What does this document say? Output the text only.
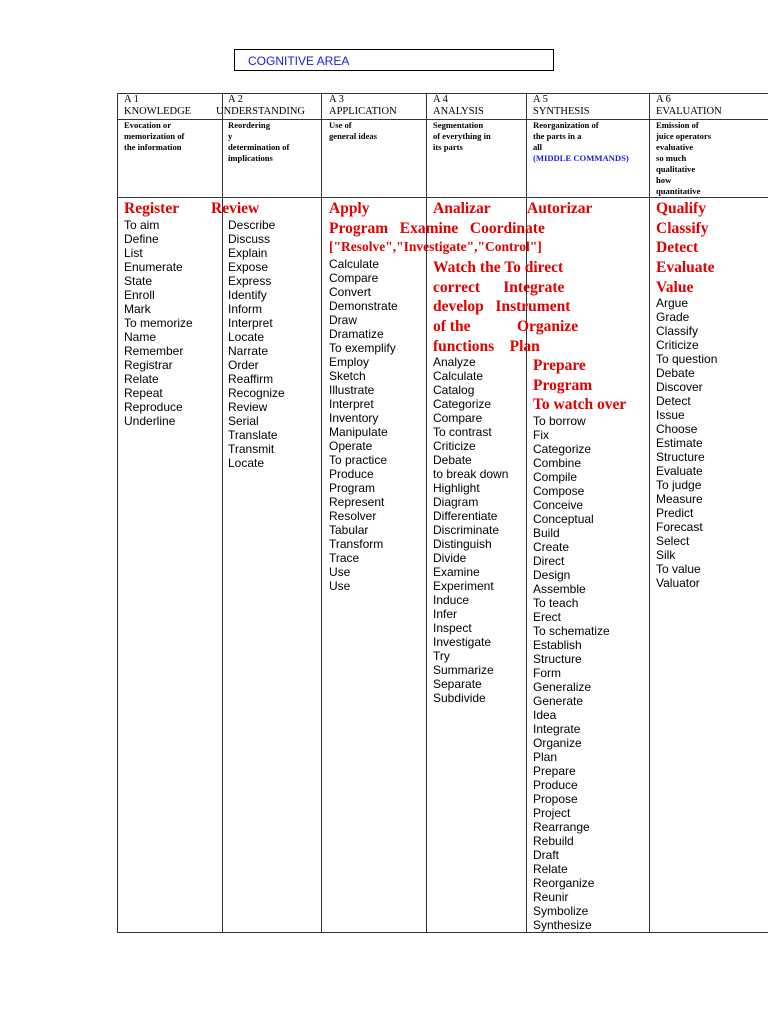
COGNITIVE AREA
A 1
KNOWLEDGE
Evocation or
memorization of
the information
Register
To aim
Define
List
Enumerate
State
Enroll
Mark
To memorize
Name
Remember
Registrar
Relate
Repeat
Reproduce
Underline
A 2
UNDERSTANDING
Reordering
y
determination of
implications
Review
Describe
Discuss
Explain
Expose
Express
Identify
Inform
Interpret
Locate
Narrate
Order
Reaffirm
Recognize
Review
Serial
Translate
Transmit
Locate
A 3
APPLICATION
Use of
general ideas
Apply
Program   Examine   Coordinate
["Resolve","Investigate","Control"]
Calculate
Compare
Convert
Demonstrate
Draw
Dramatize
To exemplify
Employ
Sketch
Illustrate
Interpret
Inventory
Manipulate
Operate
To practice
Produce
Program
Represent
Resolver
Tabular
Transform
Trace
Use
Use
A 4
ANALYSIS
Segmentation
of everything in
its parts
Analizar
Watch the To direct
correct      Integrate
develop   Instrument
of the            Organize
functions    Plan
Analyze
Calculate
Catalog
Categorize
Compare
To contrast
Criticize
Debate
to break down
Highlight
Diagram
Differentiate
Discriminate
Distinguish
Divide
Examine
Experiment
Induce
Infer
Inspect
Investigate
Try
Summarize
Separate
Subdivide
A 5
SYNTHESIS
Reorganization of
the parts in a
all
(MIDDLE COMMANDS)
Autorizar
Prepare
Program
To watch over
To borrow
Fix
Categorize
Combine
Compile
Compose
Conceive
Conceptual
Build
Create
Direct
Design
Assemble
To teach
Erect
To schematize
Establish
Structure
Form
Generalize
Generate
Idea
Integrate
Organize
Plan
Prepare
Produce
Propose
Project
Rearrange
Rebuild
Draft
Relate
Reorganize
Reunir
Symbolize
Synthesize
A 6
EVALUATION
Emission of
juice operators
evaluative
so much
qualitative
how
quantitative
Qualify
Classify
Detect
Evaluate
Value
Argue
Grade
Classify
Criticize
To question
Debate
Discover
Detect
Issue
Choose
Estimate
Structure
Evaluate
To judge
Measure
Predict
Forecast
Select
Silk
To value
Valuator
